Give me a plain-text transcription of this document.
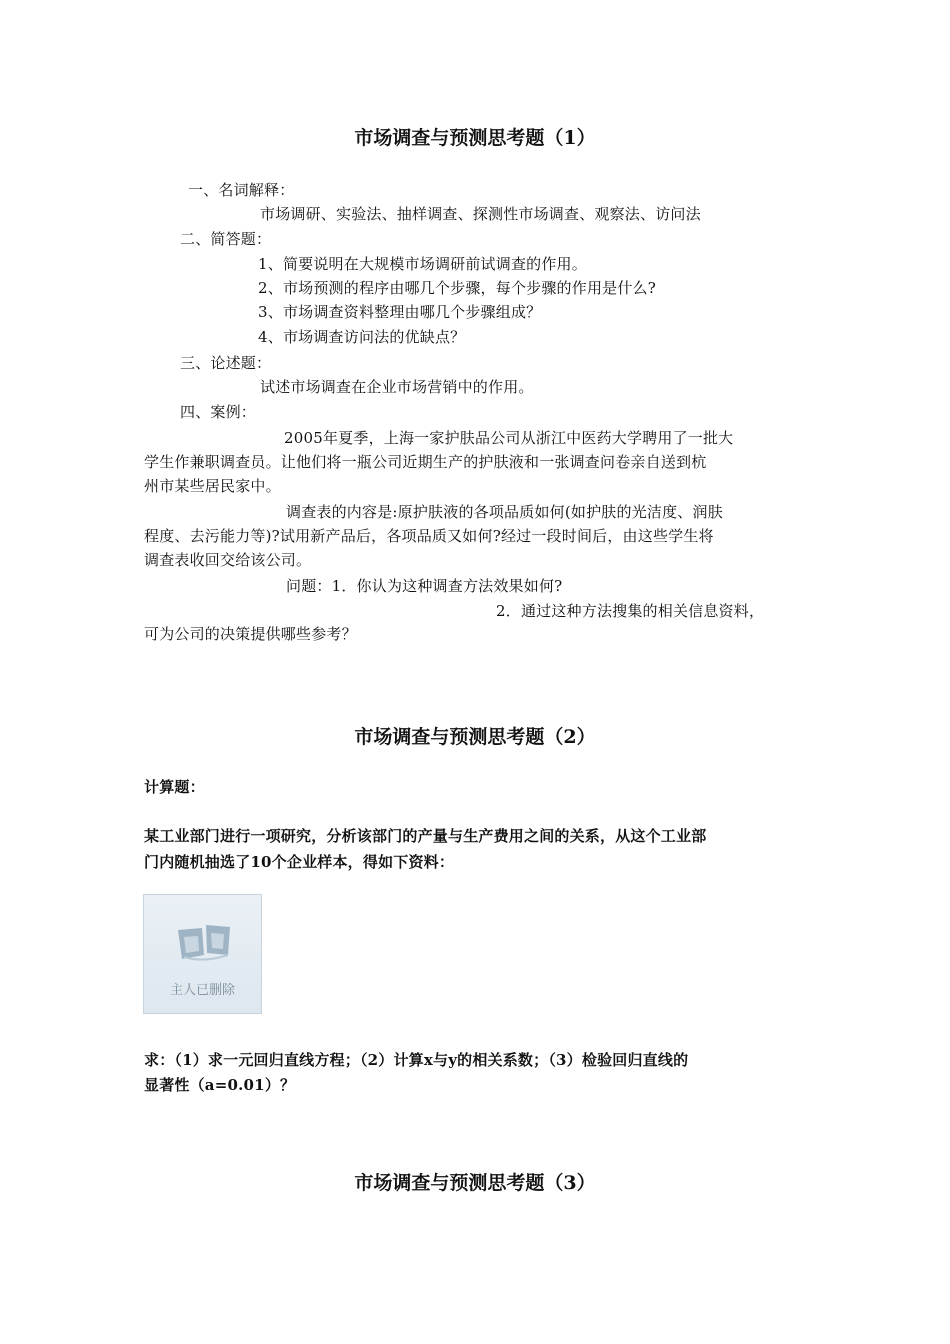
市场调查与预测思考题（1）
一、名词解释：
市场调研、实验法、抽样调查、探测性市场调查、观察法、访问法
二、简答题：
1、简要说明在大规模市场调研前试调查的作用。
2、市场预测的程序由哪几个步骤，每个步骤的作用是什么?
3、市场调查资料整理由哪几个步骤组成？
4、市场调查访问法的优缺点？
三、论述题：
试述市场调查在企业市场营销中的作用。
四、案例：
2005年夏季，上海一家护肤品公司从浙江中医药大学聘用了一批大
学生作兼职调查员。让他们将一瓶公司近期生产的护肤液和一张调查问卷亲自送到杭
州市某些居民家中。
调查表的内容是:原护肤液的各项品质如何(如护肤的光洁度、润肤
程度、去污能力等)?试用新产品后，各项品质又如何?经过一段时间后，由这些学生将
调查表收回交给该公司。
问题：1．你认为这种调查方法效果如何?
2．通过这种方法搜集的相关信息资料，
可为公司的决策提供哪些参考？
市场调查与预测思考题（2）
计算题：
某工业部门进行一项研究，分析该部门的产量与生产费用之间的关系，从这个工业部
门内随机抽选了10个企业样本，得如下资料：
主人已删除
求：（1）求一元回归直线方程；（2）计算x与y的相关系数；（3）检验回归直线的
显著性（a=0.01）？
市场调查与预测思考题（3）
